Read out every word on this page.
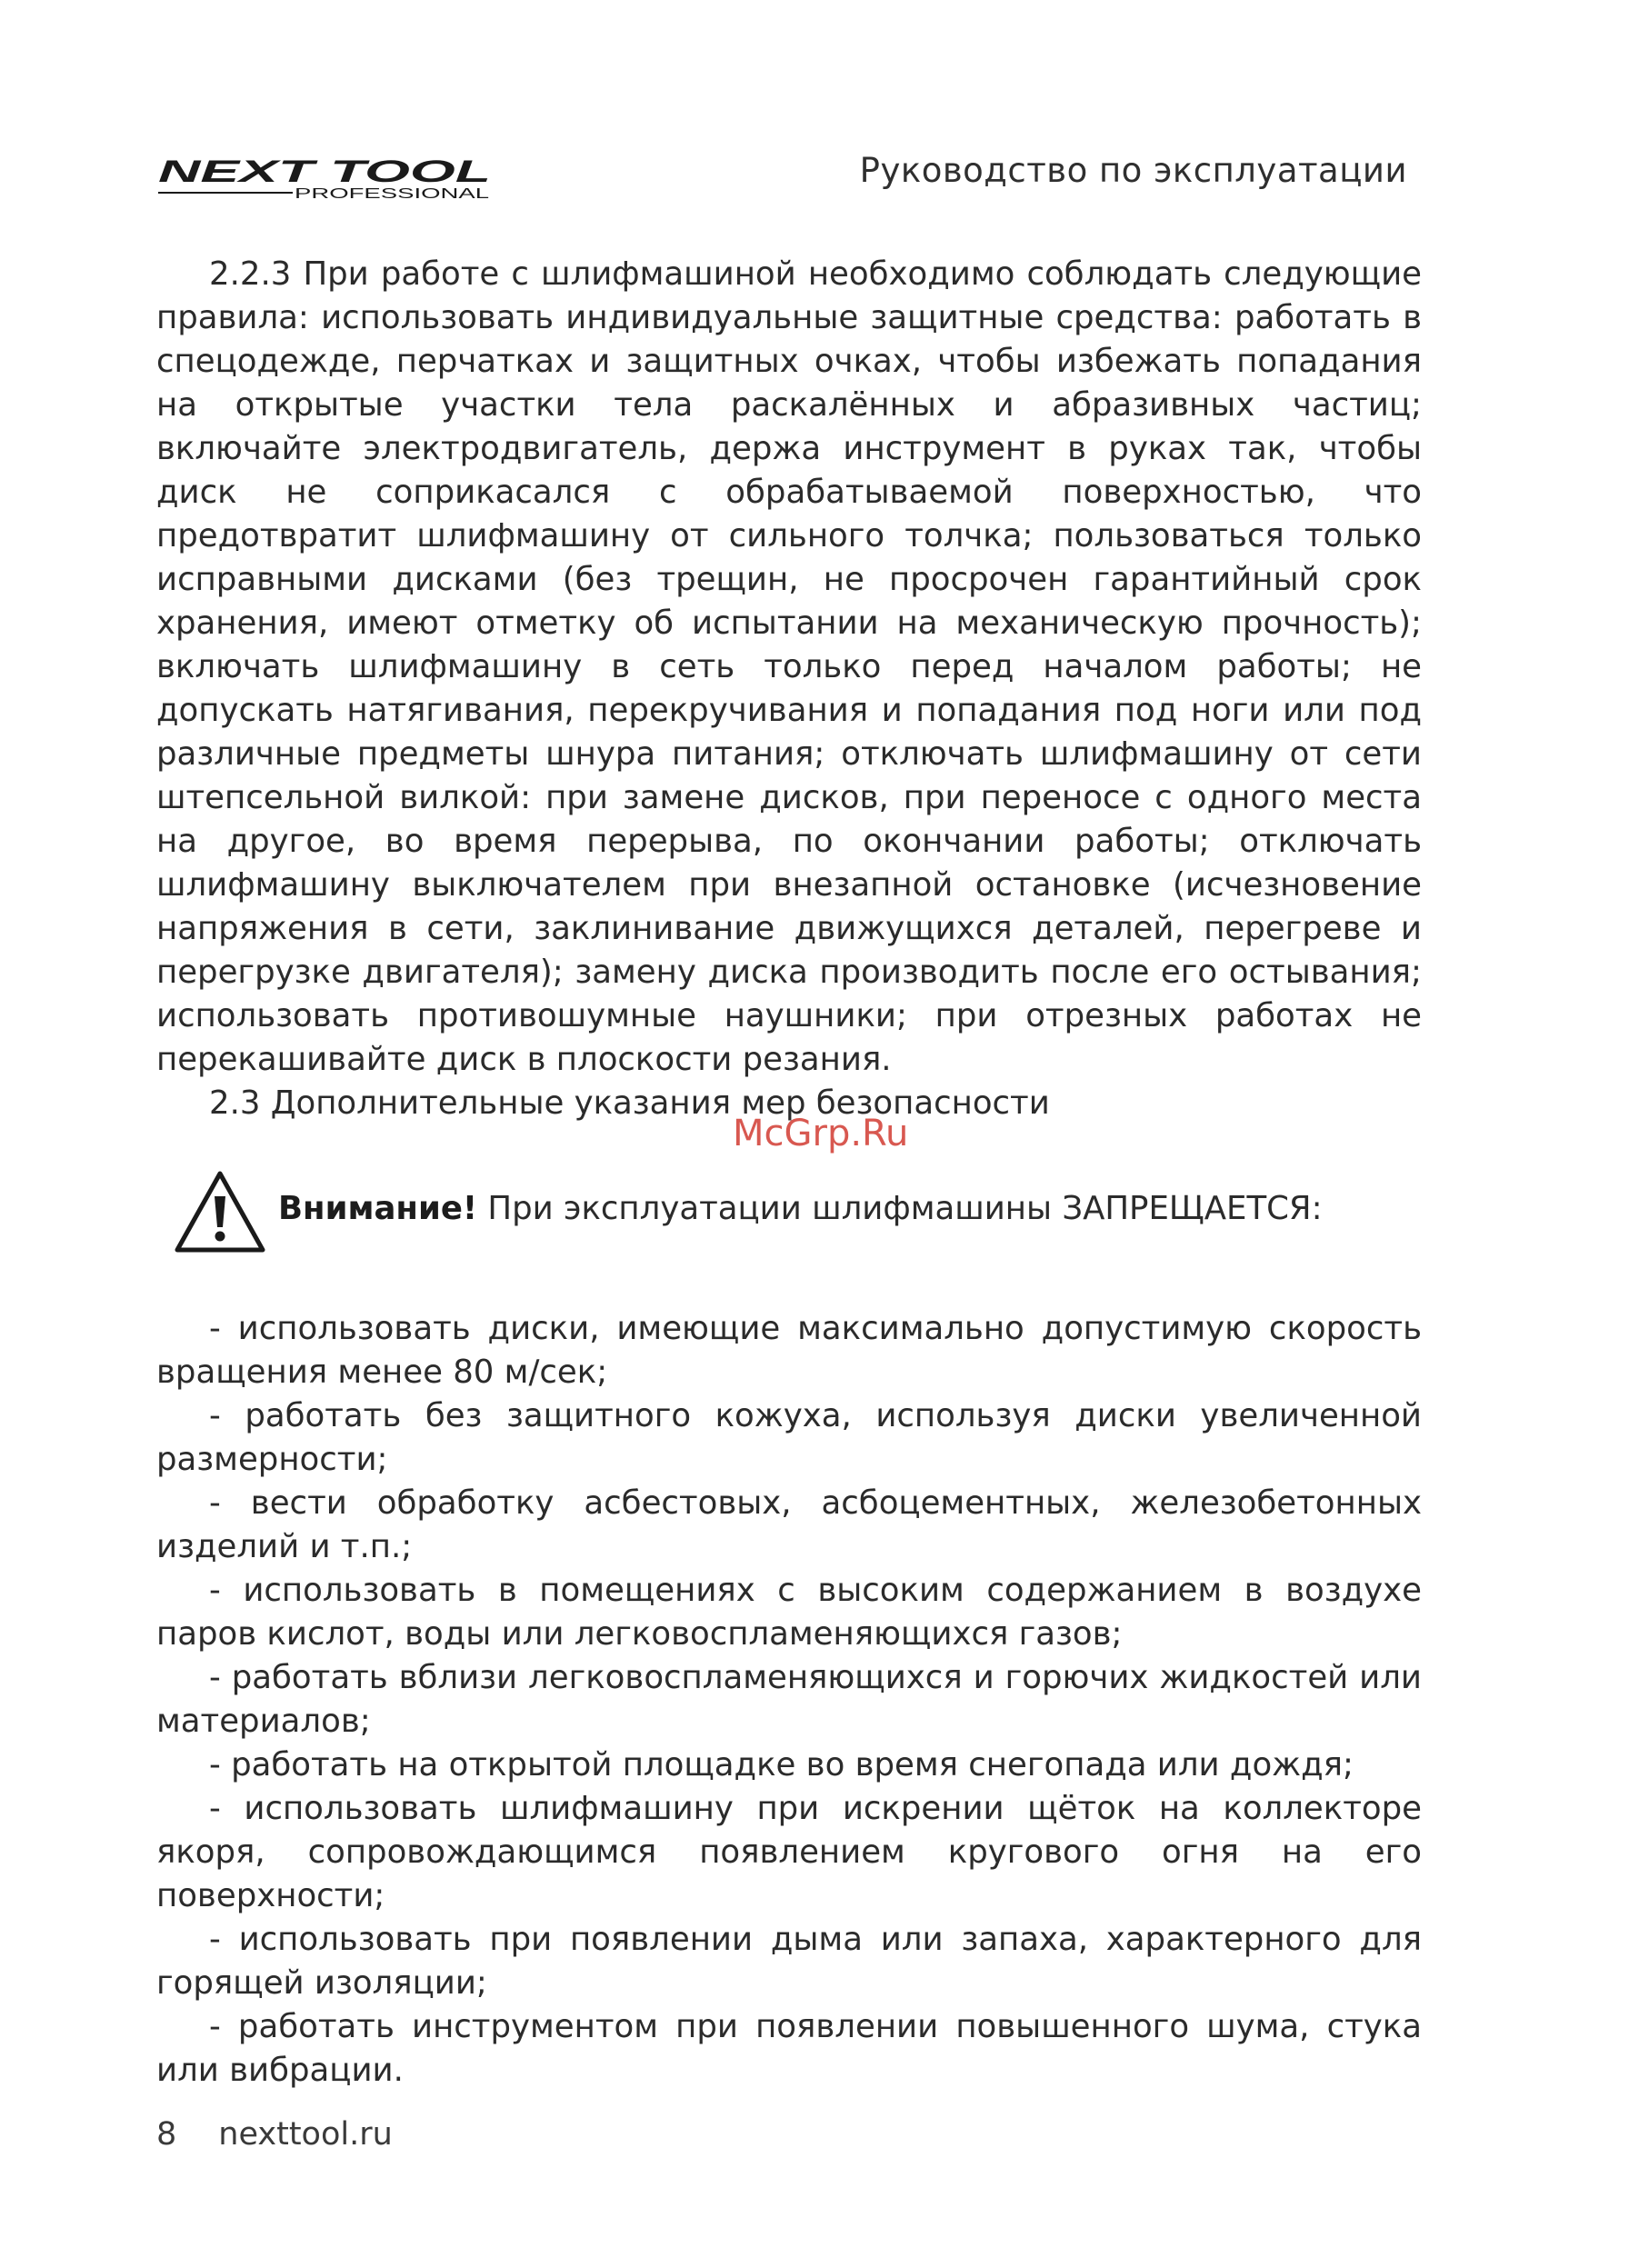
NEXT TOOL
PROFESSIONAL
Руководство по эксплуатации

2.2.3 При работе с шлифмашиной необходимо соблюдать следующие правила: использовать индивидуальные защитные средства: работать в спецодежде, перчатках и защитных очках, чтобы избежать попадания на открытые участки тела раскалённых и абразивных частиц; включайте электродвигатель, держа инструмент в руках так, чтобы диск не соприкасался с обрабатываемой поверхностью, что предотвратит шлифмашину от сильного толчка; пользоваться только исправными дисками (без трещин, не просрочен гарантийный срок хранения, имеют отметку об испытании на механическую прочность); включать шлифмашину в сеть только перед началом работы; не допускать натягивания, перекручивания и попадания под ноги или под различные предметы шнура питания; отключать шлифмашину от сети штепсельной вилкой: при замене дисков, при переносе с одного места на другое, во время перерыва, по окончании работы; отключать шлифмашину выключателем при внезапной остановке (исчезновение напряжения в сети, заклинивание движущихся деталей, перегреве и перегрузке двигателя); замену диска производить после его остывания; использовать противошумные наушники; при отрезных работах не перекашивайте диск в плоскости резания.

2.3 Дополнительные указания мер безопасности

Внимание! При эксплуатации шлифмашины ЗАПРЕЩАЕТСЯ:

- использовать диски, имеющие максимально допустимую скорость вращения менее 80 м/сек;

- работать без защитного кожуха, используя диски увеличенной размерности;

- вести обработку асбестовых, асбоцементных, железобетонных изделий и т.п.;

- использовать в помещениях с высоким содержанием в воздухе паров кислот, воды или легковоспламеняющихся газов;

- работать вблизи легковоспламеняющихся и горючих жидкостей или материалов;

- работать на открытой площадке во время снегопада или дождя;

- использовать шлифмашину при искрении щёток на коллекторе якоря, сопровождающимся появлением кругового огня на его поверхности;

- использовать при появлении дыма или запаха, характерного для горящей изоляции;

- работать инструментом при появлении повышенного шума, стука или вибрации.

McGrp.Ru
8 nexttool.ru
